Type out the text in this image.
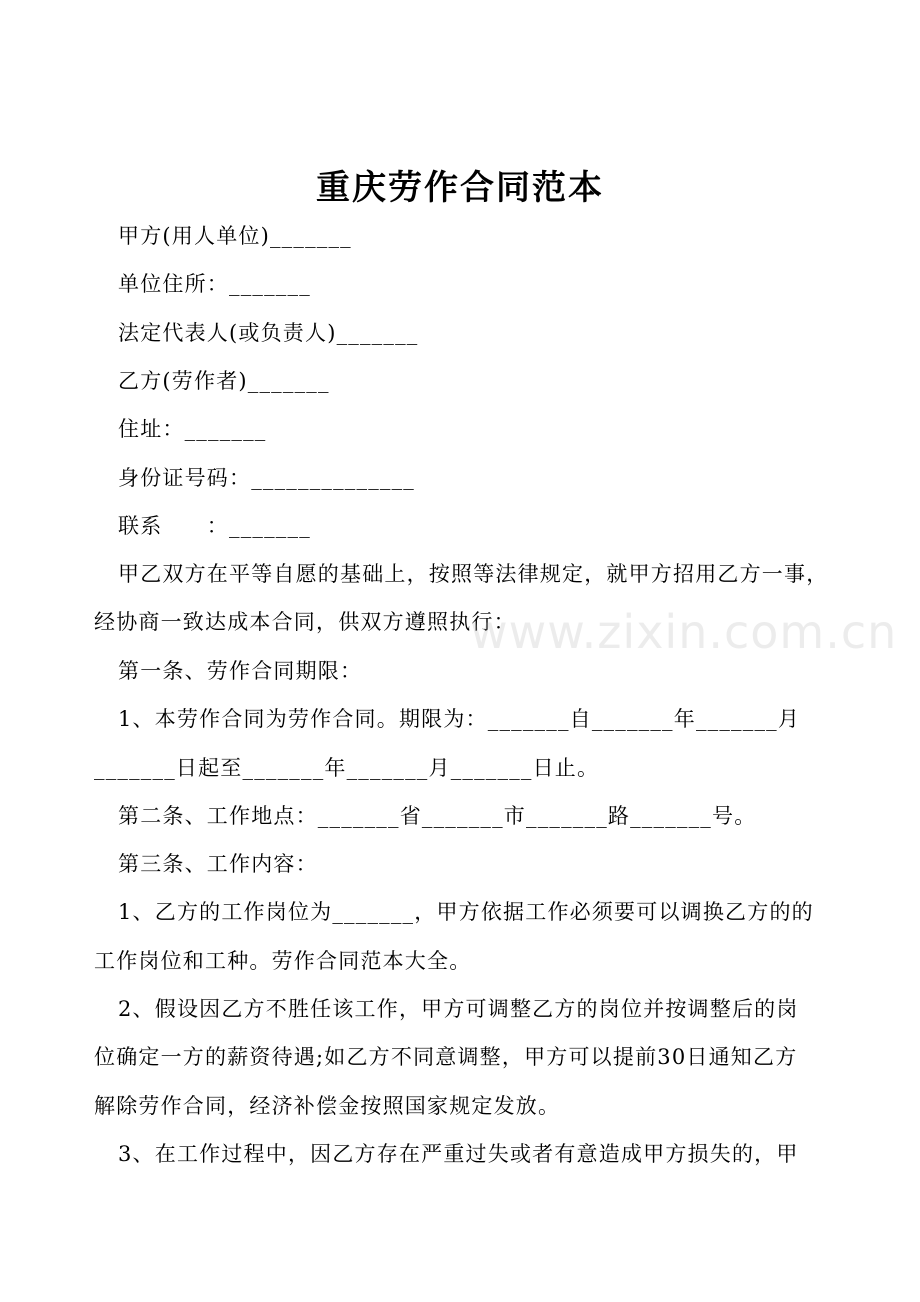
重庆劳作合同范本
甲方(用人单位)_______
单位住所：_______
法定代表人(或负责人)_______
乙方(劳作者)_______
住址：_______
身份证号码：______________
联系　　：_______
甲乙双方在平等自愿的基础上，按照等法律规定，就甲方招用乙方一事，
经协商一致达成本合同，供双方遵照执行：
第一条、劳作合同期限：
1、本劳作合同为劳作合同。期限为：_______自_______年_______月
_______日起至_______年_______月_______日止。
第二条、工作地点：_______省_______市_______路_______号。
第三条、工作内容：
1、乙方的工作岗位为_______，甲方依据工作必须要可以调换乙方的的
工作岗位和工种。劳作合同范本大全。
2、假设因乙方不胜任该工作，甲方可调整乙方的岗位并按调整后的岗
位确定一方的薪资待遇;如乙方不同意调整，甲方可以提前30日通知乙方
解除劳作合同，经济补偿金按照国家规定发放。
3、在工作过程中，因乙方存在严重过失或者有意造成甲方损失的，甲
www.zixin.com.cn
